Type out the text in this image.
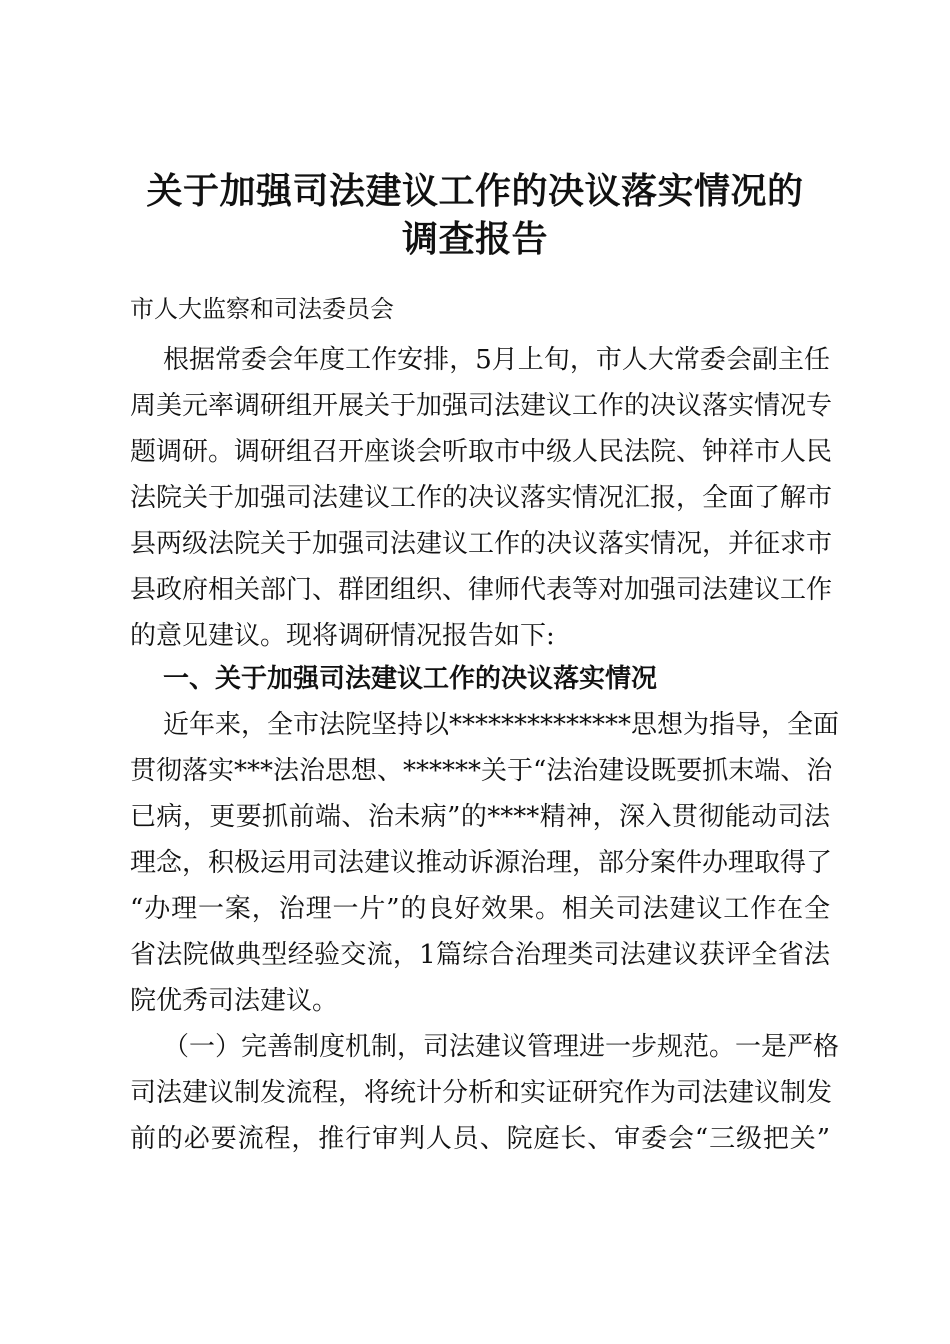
关于加强司法建议工作的决议落实情况的
调查报告
市人大监察和司法委员会
根据常委会年度工作安排，5月上旬，市人大常委会副主任
周美元率调研组开展关于加强司法建议工作的决议落实情况专
题调研。调研组召开座谈会听取市中级人民法院、钟祥市人民
法院关于加强司法建议工作的决议落实情况汇报，全面了解市
县两级法院关于加强司法建议工作的决议落实情况，并征求市
县政府相关部门、群团组织、律师代表等对加强司法建议工作
的意见建议。现将调研情况报告如下:
一、关于加强司法建议工作的决议落实情况
近年来，全市法院坚持以**************思想为指导，全面
贯彻落实***法治思想、******关于“法治建设既要抓末端、治
已病，更要抓前端、治未病”的****精神，深入贯彻能动司法
理念，积极运用司法建议推动诉源治理，部分案件办理取得了
“办理一案，治理一片”的良好效果。相关司法建议工作在全
省法院做典型经验交流，1篇综合治理类司法建议获评全省法
院优秀司法建议。
（一）完善制度机制，司法建议管理进一步规范。一是严格
司法建议制发流程，将统计分析和实证研究作为司法建议制发
前的必要流程，推行审判人员、院庭长、审委会“三级把关”
